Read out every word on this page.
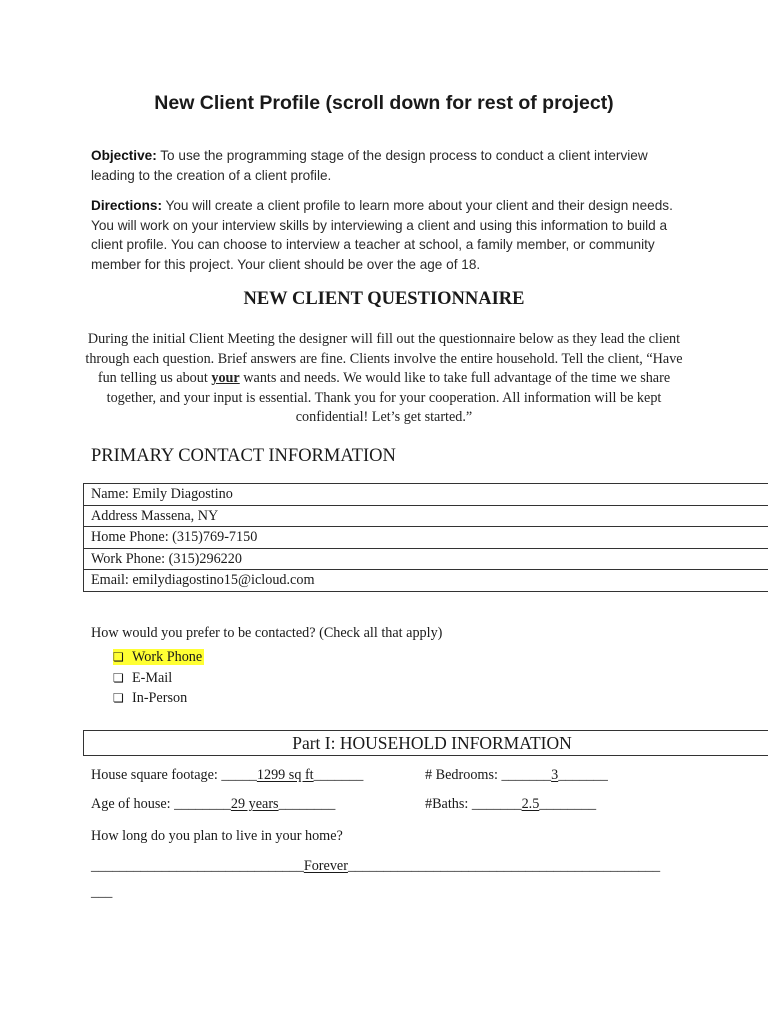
New Client Profile (scroll down for rest of project)
Objective: To use the programming stage of the design process to conduct a client interview leading to the creation of a client profile.
Directions: You will create a client profile to learn more about your client and their design needs. You will work on your interview skills by interviewing a client and using this information to build a client profile. You can choose to interview a teacher at school, a family member, or community member for this project. Your client should be over the age of 18.
NEW CLIENT QUESTIONNAIRE
During the initial Client Meeting the designer will fill out the questionnaire below as they lead the client through each question. Brief answers are fine. Clients involve the entire household. Tell the client, “Have fun telling us about your wants and needs. We would like to take full advantage of the time we share together, and your input is essential. Thank you for your cooperation. All information will be kept confidential! Let’s get started.”
PRIMARY CONTACT INFORMATION
Name: Emily Diagostino
Address Massena, NY
Home Phone: (315)769-7150
Work Phone: (315)296220
Email: emilydiagostino15@icloud.com
How would you prefer to be contacted? (Check all that apply)
❏ Work Phone
❏ E-Mail
❏ In-Person
Part I: HOUSEHOLD INFORMATION
House square footage: _____1299 sq ft_______	# Bedrooms: _______3_______
Age of house: ________29 years________	#Baths: _______2.5________
How long do you plan to live in your home?
______________________________Forever____________________________________________
___
